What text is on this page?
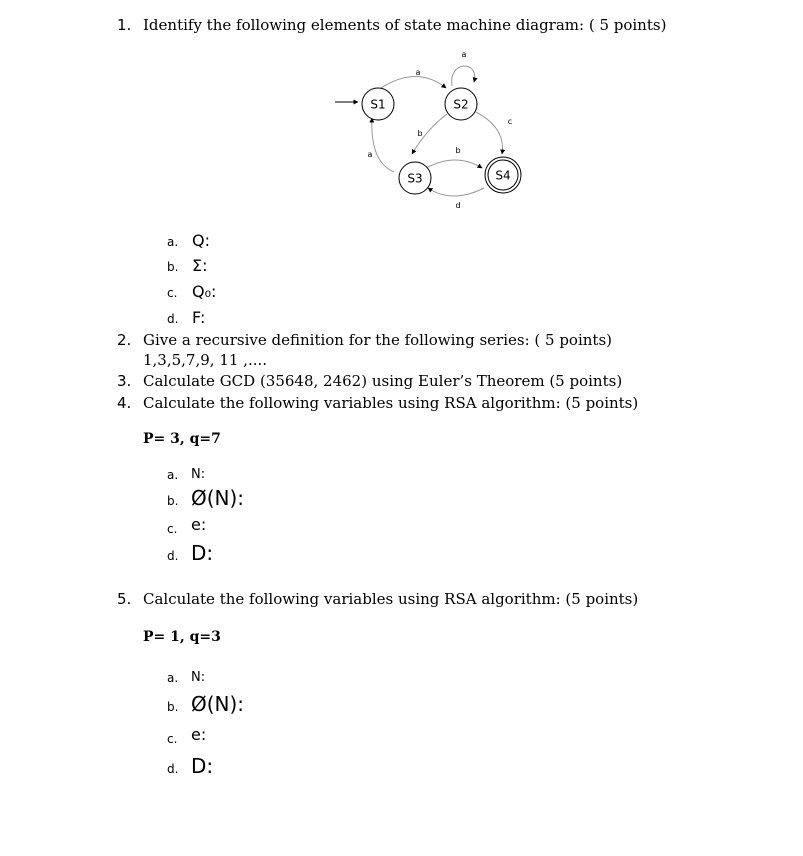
1. Identify the following elements of state machine diagram: ( 5 points)
a
a
b
a
c
b
d
S1	S2
S3	S4
a. Q:
b. Σ:
c. Q₀:
d. F:
2. Give a recursive definition for the following series: ( 5 points)
1,3,5,7,9, 11 ,....
3. Calculate GCD (35648, 2462) using Euler’s Theorem (5 points)
4. Calculate the following variables using RSA algorithm: (5 points)
P= 3, q=7
a. N:
b. Ø(N):
c. e:
d. D:
5. Calculate the following variables using RSA algorithm: (5 points)
P= 1, q=3
a. N:
b. Ø(N):
c. e:
d. D:
